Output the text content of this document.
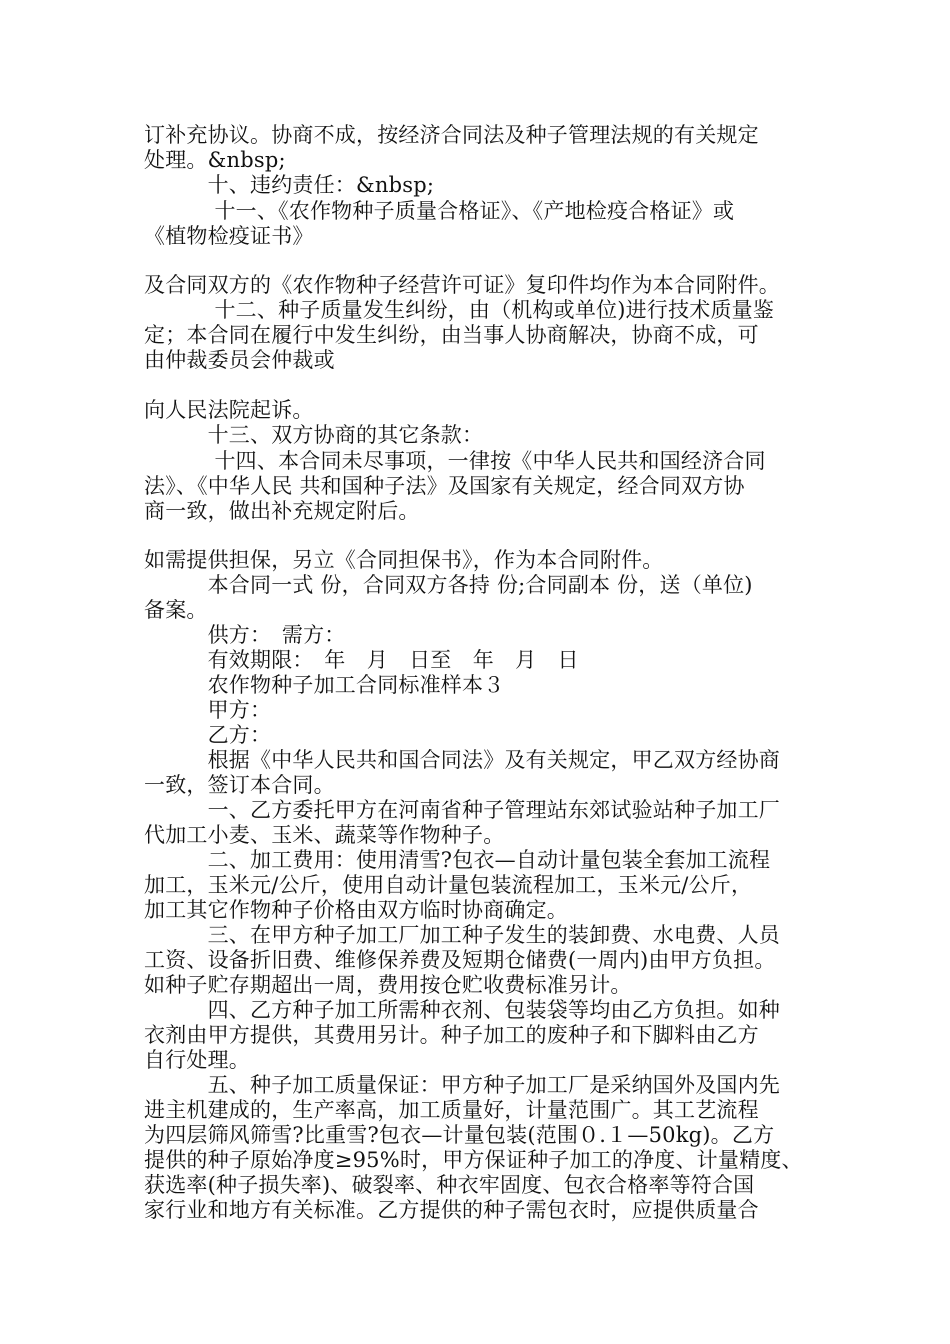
订补充协议。协商不成，按经济合同法及种子管理法规的有关规定
处理。&nbsp;
　　　十、违约责任：&nbsp;
　　　 十一、《农作物种子质量合格证》、《产地检疫合格证》或
《植物检疫证书》
及合同双方的《农作物种子经营许可证》复印件均作为本合同附件。
　　　 十二、种子质量发生纠纷，由（机构或单位)进行技术质量鉴
定；本合同在履行中发生纠纷，由当事人协商解决，协商不成，可
由仲裁委员会仲裁或
向人民法院起诉。
　　　十三、双方协商的其它条款：
　　　 十四、本合同未尽事项，一律按《中华人民共和国经济合同
法》、《中华人民 共和国种子法》及国家有关规定，经合同双方协
商一致，做出补充规定附后。
如需提供担保，另立《合同担保书》，作为本合同附件。
　　　本合同一式 份，合同双方各持 份;合同副本 份，送（单位)
备案。
　　　供方：　需方：
　　　有效期限：　年　月　日至　年　月　日
　　　农作物种子加工合同标准样本３
　　　甲方：
　　　乙方：
　　　根据《中华人民共和国合同法》及有关规定，甲乙双方经协商
一致，签订本合同。
　　　一、乙方委托甲方在河南省种子管理站东郊试验站种子加工厂
代加工小麦、玉米、蔬菜等作物种子。
　　　二、加工费用：使用清雪?包衣—自动计量包装全套加工流程
加工，玉米元/公斤，使用自动计量包装流程加工，玉米元/公斤，
加工其它作物种子价格由双方临时协商确定。
　　　三、在甲方种子加工厂加工种子发生的装卸费、水电费、人员
工资、设备折旧费、维修保养费及短期仓储费(一周内)由甲方负担。
如种子贮存期超出一周，费用按仓贮收费标准另计。
　　　四、乙方种子加工所需种衣剂、包装袋等均由乙方负担。如种
衣剂由甲方提供，其费用另计。种子加工的废种子和下脚料由乙方
自行处理。
　　　五、种子加工质量保证：甲方种子加工厂是采纳国外及国内先
进主机建成的，生产率高，加工质量好，计量范围广。其工艺流程
为四层筛风筛雪?比重雪?包衣—计量包装(范围０.１—50kg)。乙方
提供的种子原始净度≥95%时，甲方保证种子加工的净度、计量精度、
获选率(种子损失率)、破裂率、种衣牢固度、包衣合格率等符合国
家行业和地方有关标准。乙方提供的种子需包衣时，应提供质量合
